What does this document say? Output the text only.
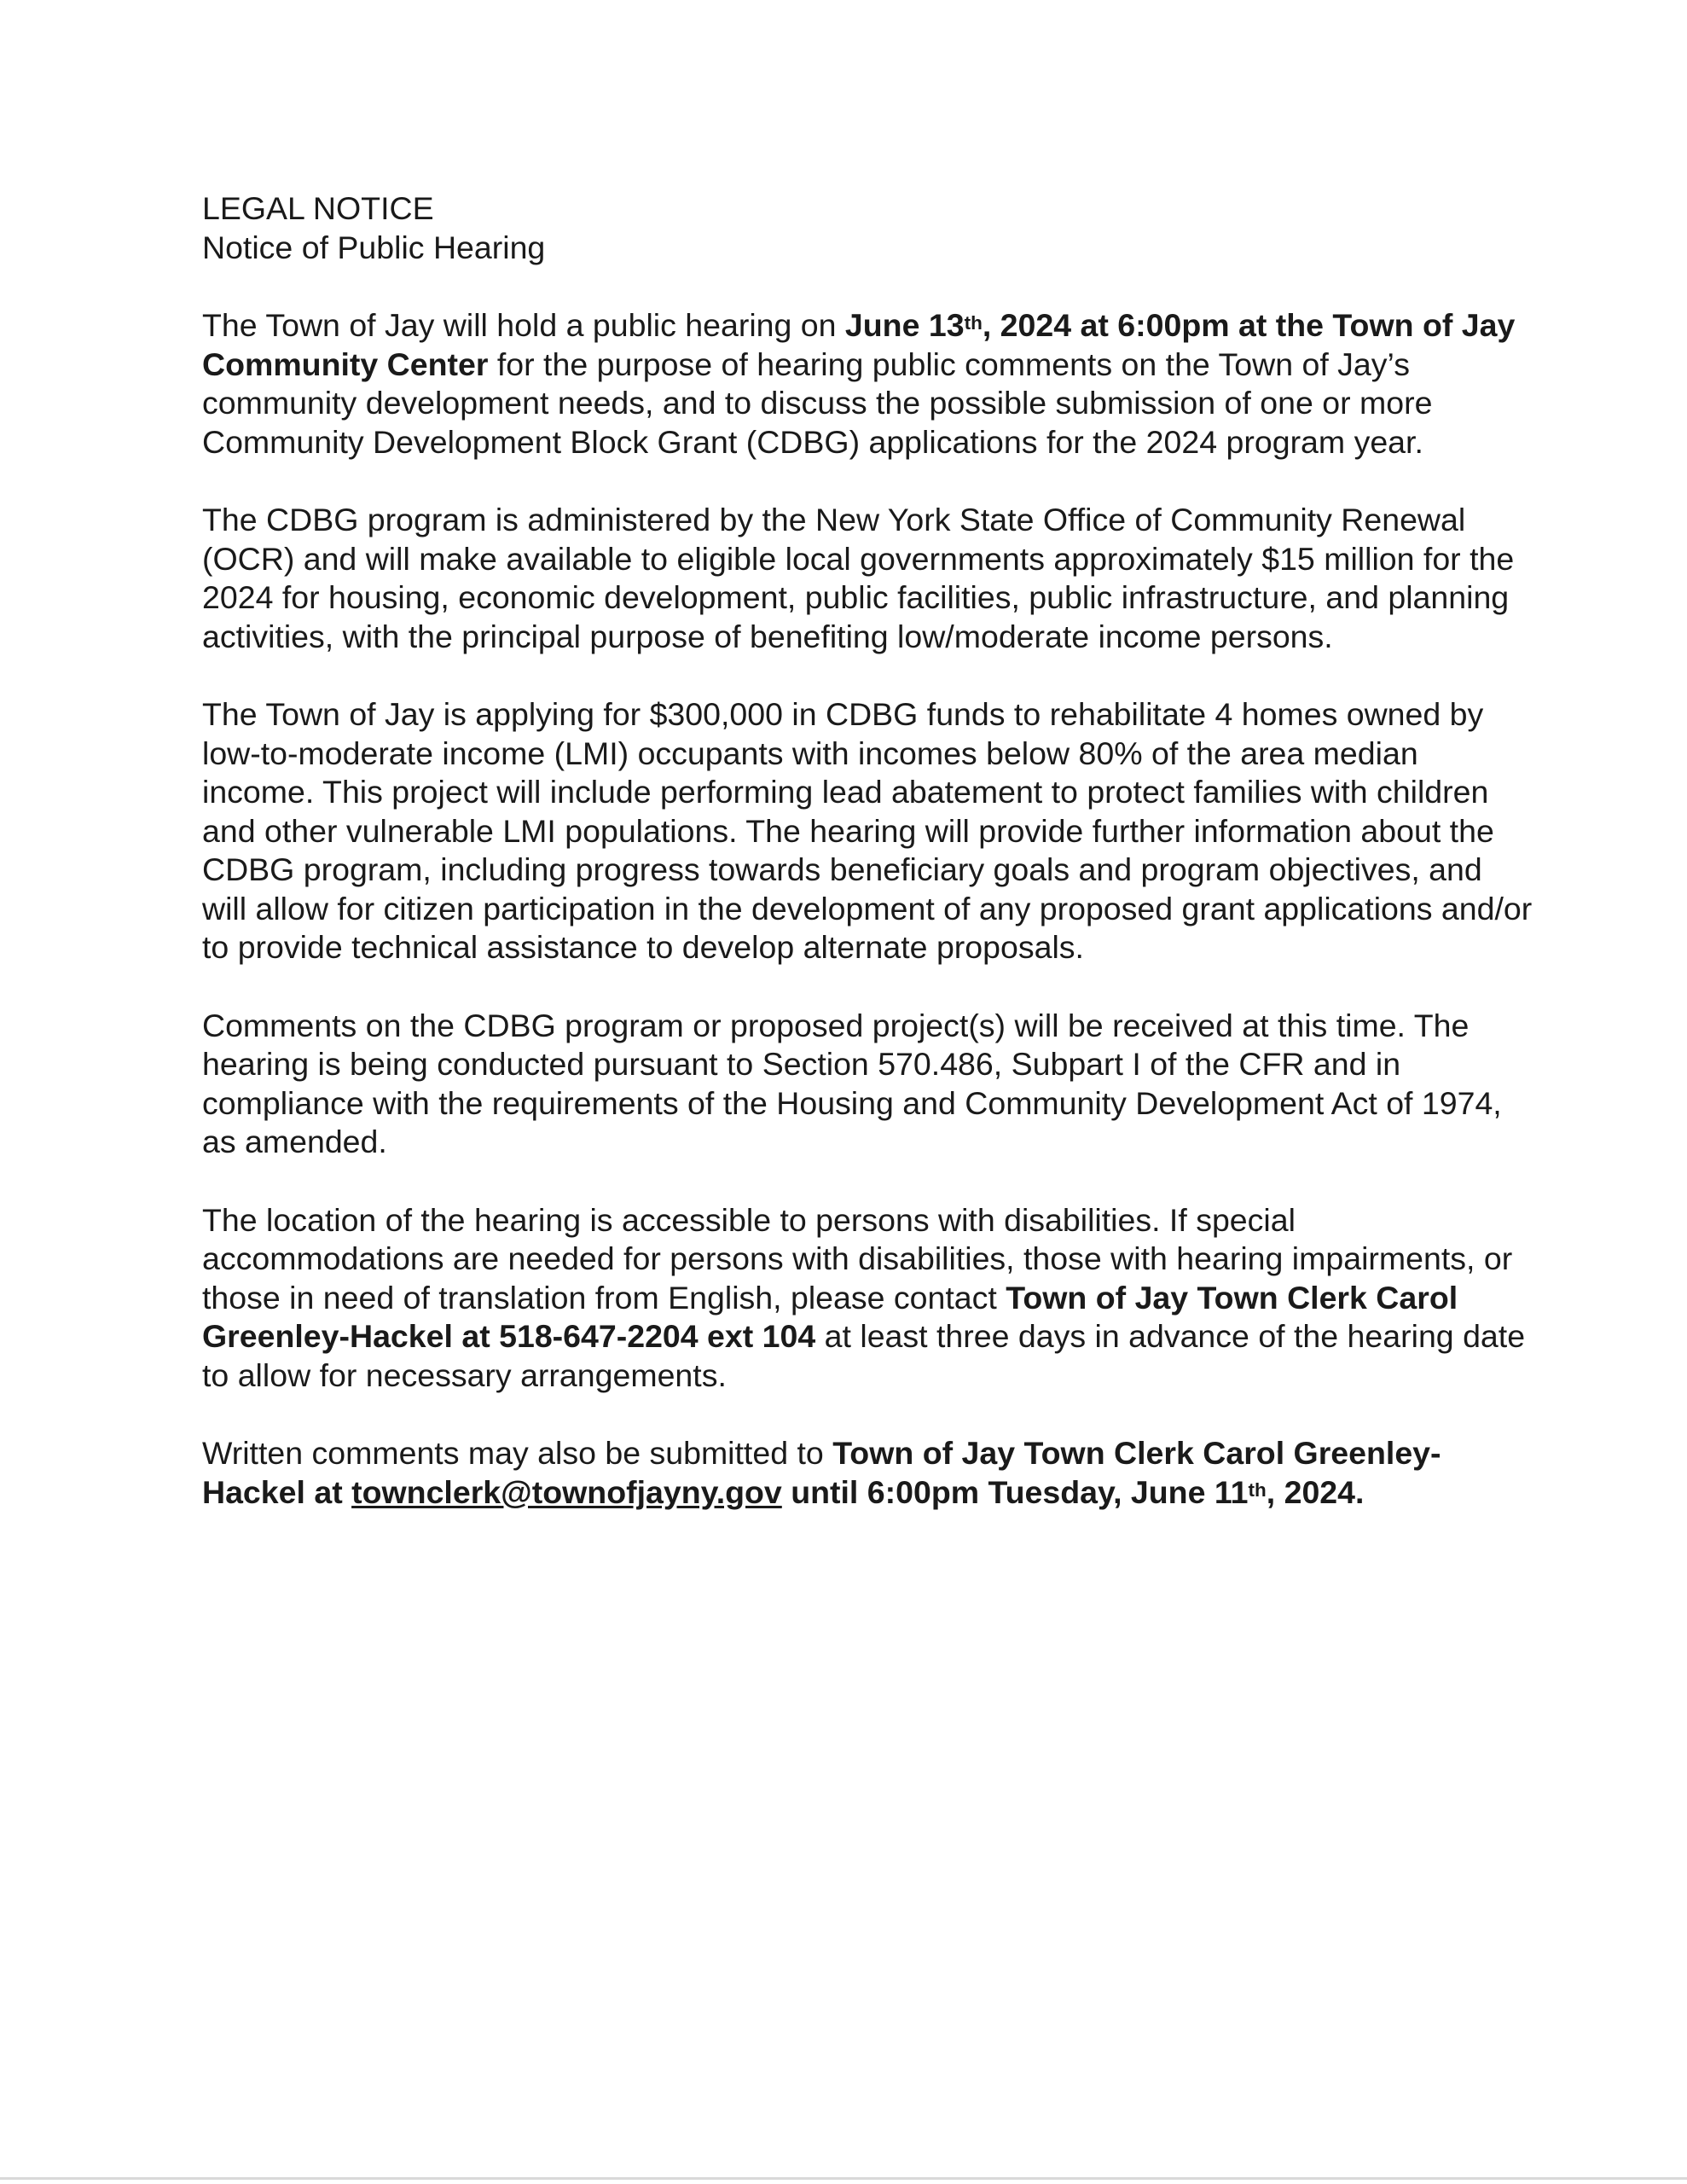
LEGAL NOTICE
Notice of Public Hearing

The Town of Jay will hold a public hearing on June 13th, 2024 at 6:00pm at the Town of Jay Community Center for the purpose of hearing public comments on the Town of Jay’s community development needs, and to discuss the possible submission of one or more Community Development Block Grant (CDBG) applications for the 2024 program year.

The CDBG program is administered by the New York State Office of Community Renewal (OCR) and will make available to eligible local governments approximately $15 million for the 2024 for housing, economic development, public facilities, public infrastructure, and planning activities, with the principal purpose of benefiting low/moderate income persons.

The Town of Jay is applying for $300,000 in CDBG funds to rehabilitate 4 homes owned by low-to-moderate income (LMI) occupants with incomes below 80% of the area median income. This project will include performing lead abatement to protect families with children and other vulnerable LMI populations. The hearing will provide further information about the CDBG program, including progress towards beneficiary goals and program objectives, and will allow for citizen participation in the development of any proposed grant applications and/or to provide technical assistance to develop alternate proposals.

Comments on the CDBG program or proposed project(s) will be received at this time. The hearing is being conducted pursuant to Section 570.486, Subpart I of the CFR and in compliance with the requirements of the Housing and Community Development Act of 1974, as amended.

The location of the hearing is accessible to persons with disabilities. If special accommodations are needed for persons with disabilities, those with hearing impairments, or those in need of translation from English, please contact Town of Jay Town Clerk Carol Greenley-Hackel at 518-647-2204 ext 104 at least three days in advance of the hearing date to allow for necessary arrangements.

Written comments may also be submitted to Town of Jay Town Clerk Carol Greenley-Hackel at townclerk@townofjayny.gov until 6:00pm Tuesday, June 11th, 2024.
